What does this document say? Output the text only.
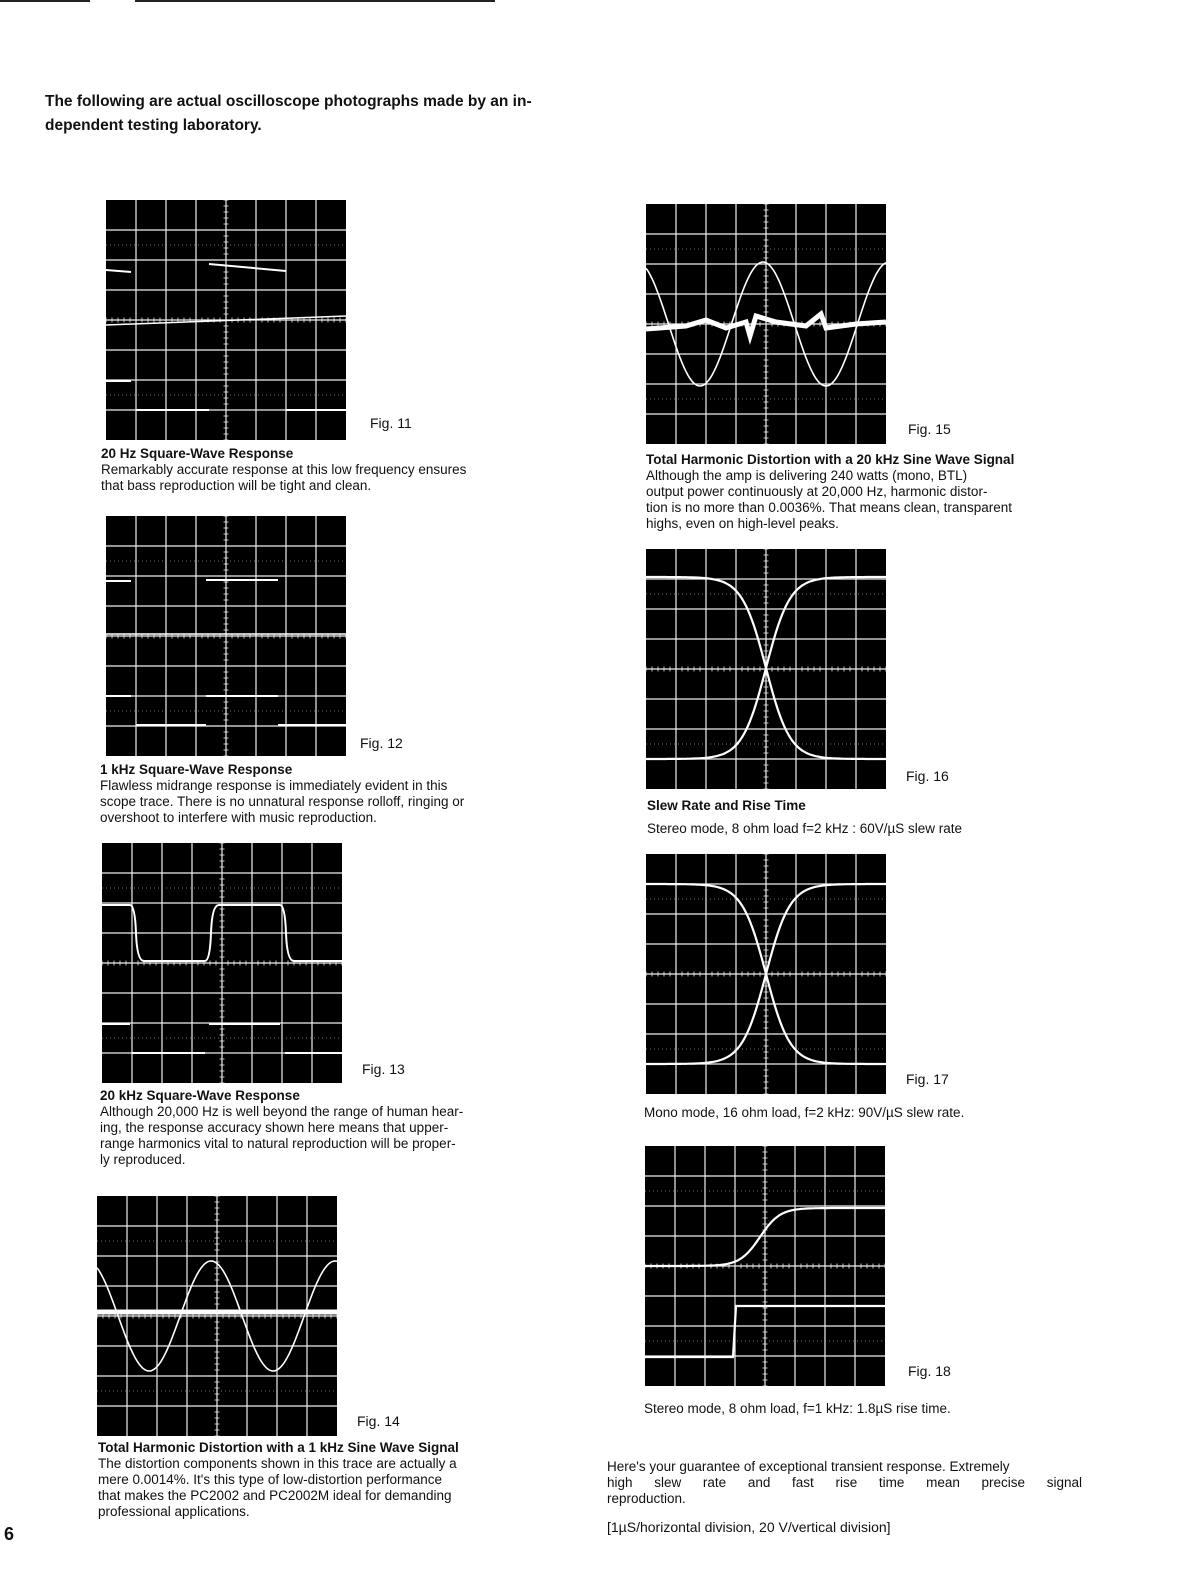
The following are actual oscilloscope photographs made by an in-
dependent testing laboratory.
Fig. 11
20 Hz Square-Wave Response
Remarkably accurate response at this low frequency ensures
that bass reproduction will be tight and clean.
Fig. 12
1 kHz Square-Wave Response
Flawless midrange response is immediately evident in this
scope trace. There is no unnatural response rolloff, ringing or
overshoot to interfere with music reproduction.
Fig. 13
20 kHz Square-Wave Response
Although 20,000 Hz is well beyond the range of human hear-
ing, the response accuracy shown here means that upper-
range harmonics vital to natural reproduction will be proper-
ly reproduced.
Fig. 14
Total Harmonic Distortion with a 1 kHz Sine Wave Signal
The distortion components shown in this trace are actually a
mere 0.0014%. It's this type of low-distortion performance
that makes the PC2002 and PC2002M ideal for demanding
professional applications.
Fig. 15
Total Harmonic Distortion with a 20 kHz Sine Wave Signal
Although the amp is delivering 240 watts (mono, BTL)
output power continuously at 20,000 Hz, harmonic distor-
tion is no more than 0.0036%. That means clean, transparent
highs, even on high-level peaks.
Fig. 16
Slew Rate and Rise Time
Stereo mode, 8 ohm load f=2 kHz : 60V/µS slew rate
Fig. 17
Mono mode, 16 ohm load, f=2 kHz: 90V/µS slew rate.
Fig. 18
Stereo mode, 8 ohm load, f=1 kHz: 1.8µS rise time.
Here's your guarantee of exceptional transient response. Extremely
high slew rate and fast rise time mean precise signal
reproduction.
[1µS/horizontal division, 20 V/vertical division]
6
